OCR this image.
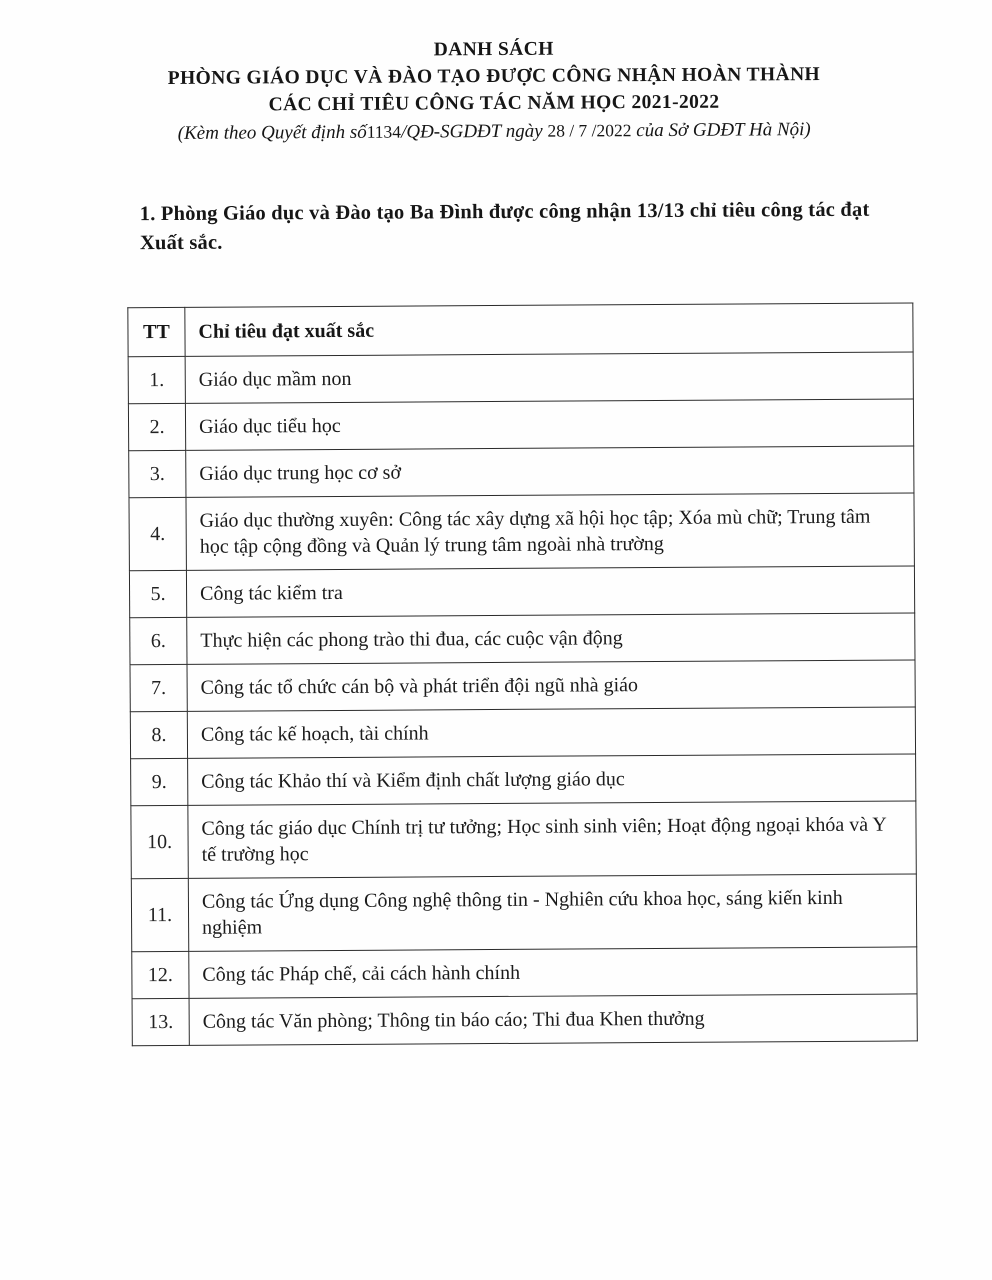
DANH SÁCH
PHÒNG GIÁO DỤC VÀ ĐÀO TẠO ĐƯỢC CÔNG NHẬN HOÀN THÀNH
CÁC CHỈ TIÊU CÔNG TÁC NĂM HỌC 2021-2022
(Kèm theo Quyết định số1134/QĐ-SGDĐT ngày 28 / 7 /2022 của Sở GDĐT Hà Nội)

1. Phòng Giáo dục và Đào tạo Ba Đình được công nhận 13/13 chỉ tiêu công tác đạt Xuất sắc.

TT	Chỉ tiêu đạt xuất sắc
1.	Giáo dục mầm non
2.	Giáo dục tiểu học
3.	Giáo dục trung học cơ sở
4.	Giáo dục thường xuyên: Công tác xây dựng xã hội học tập; Xóa mù chữ; Trung tâm học tập cộng đồng và Quản lý trung tâm ngoài nhà trường
5.	Công tác kiểm tra
6.	Thực hiện các phong trào thi đua, các cuộc vận động
7.	Công tác tổ chức cán bộ và phát triển đội ngũ nhà giáo
8.	Công tác kế hoạch, tài chính
9.	Công tác Khảo thí và Kiểm định chất lượng giáo dục
10.	Công tác giáo dục Chính trị tư tưởng; Học sinh sinh viên; Hoạt động ngoại khóa và Y tế trường học
11.	Công tác Ứng dụng Công nghệ thông tin - Nghiên cứu khoa học, sáng kiến kinh nghiệm
12.	Công tác Pháp chế, cải cách hành chính
13.	Công tác Văn phòng; Thông tin báo cáo; Thi đua Khen thưởng
